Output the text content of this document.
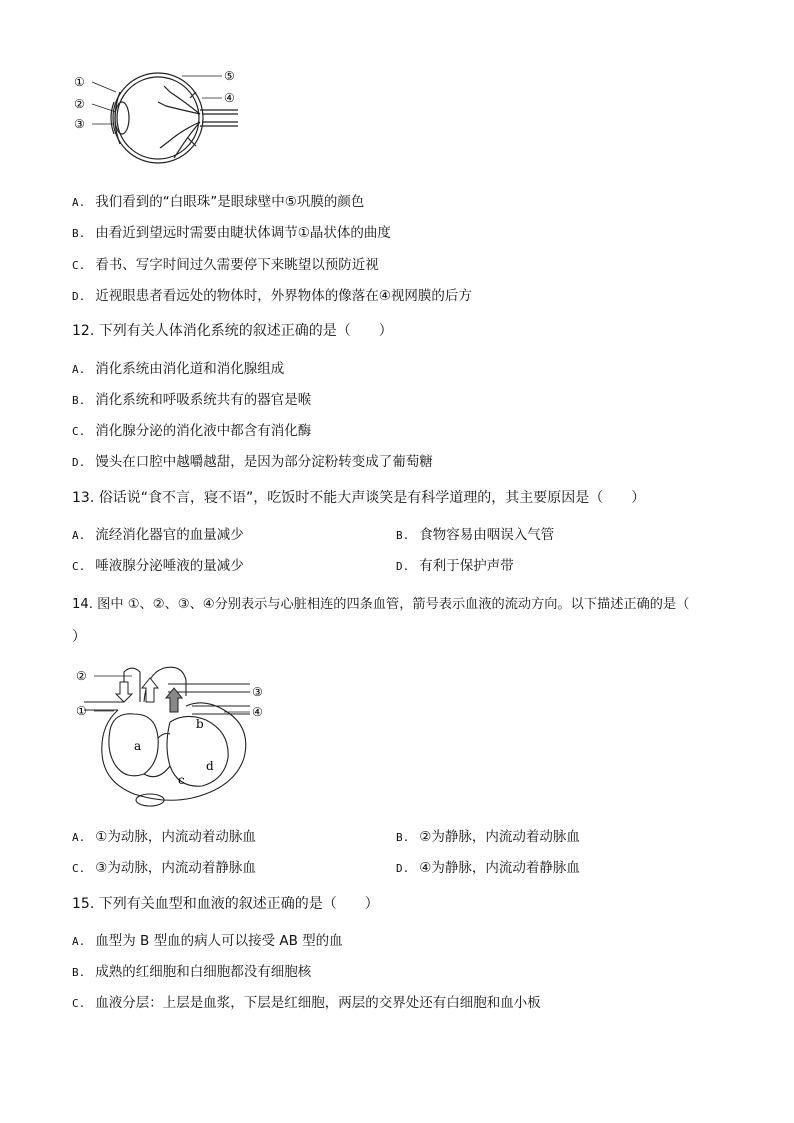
①
②
③
④
⑤
A. 我们看到的“白眼珠”是眼球壁中⑤巩膜的颜色
B. 由看近到望远时需要由睫状体调节①晶状体的曲度
C. 看书、写字时间过久需要停下来眺望以预防近视
D. 近视眼患者看远处的物体时，外界物体的像落在④视网膜的后方
12. 下列有关人体消化系统的叙述正确的是（　　）
A. 消化系统由消化道和消化腺组成
B. 消化系统和呼吸系统共有的器官是喉
C. 消化腺分泌的消化液中都含有消化酶
D. 馒头在口腔中越嚼越甜，是因为部分淀粉转变成了葡萄糖
13. 俗话说“食不言，寝不语”，吃饭时不能大声谈笑是有科学道理的，其主要原因是（　　）
A. 流经消化器官的血量减少	B. 食物容易由咽误入气管
C. 唾液腺分泌唾液的量减少	D. 有利于保护声带
14. 图中 ①、②、③、④分别表示与心脏相连的四条血管，箭号表示血液的流动方向。以下描述正确的是（
）
②
①
③
④
a
b
c
d
A. ①为动脉，内流动着动脉血	B. ②为静脉，内流动着动脉血
C. ③为动脉，内流动着静脉血	D. ④为静脉，内流动着静脉血
15. 下列有关血型和血液的叙述正确的是（　　）
A. 血型为 B 型血的病人可以接受 AB 型的血
B. 成熟的红细胞和白细胞都没有细胞核
C. 血液分层：上层是血浆，下层是红细胞，两层的交界处还有白细胞和血小板
